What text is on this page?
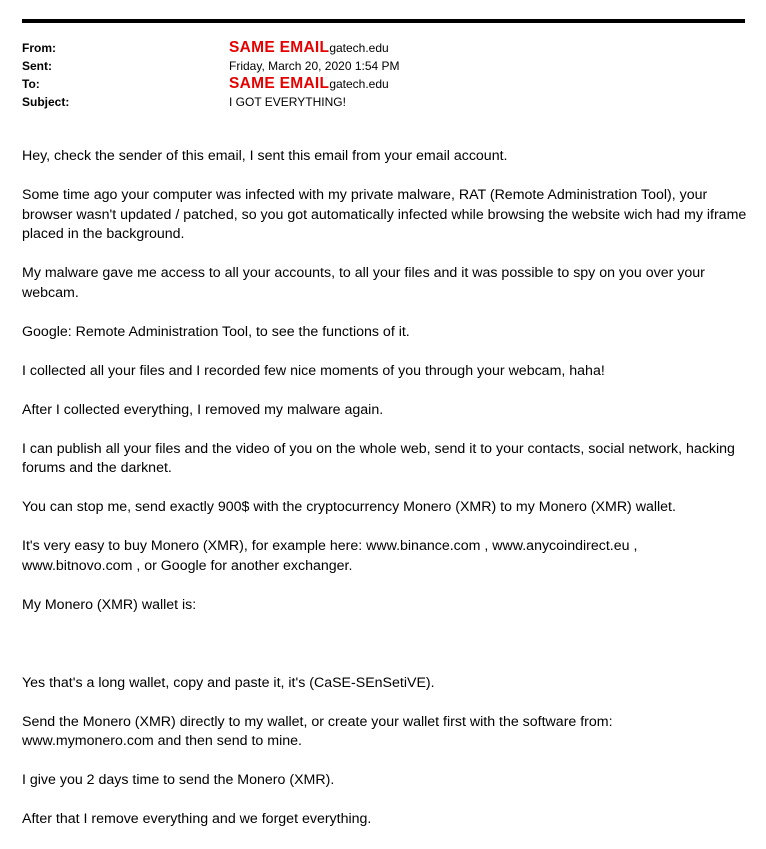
From:	SAME EMAILgatech.edu
Sent:	Friday, March 20, 2020 1:54 PM
To:	SAME EMAILgatech.edu
Subject:	I GOT EVERYTHING!

Hey, check the sender of this email, I sent this email from your email account.

Some time ago your computer was infected with my private malware, RAT (Remote Administration Tool), your browser wasn't updated / patched, so you got automatically infected while browsing the website wich had my iframe placed in the background.

My malware gave me access to all your accounts, to all your files and it was possible to spy on you over your webcam.

Google: Remote Administration Tool, to see the functions of it.

I collected all your files and I recorded few nice moments of you through your webcam, haha!

After I collected everything, I removed my malware again.

I can publish all your files and the video of you on the whole web, send it to your contacts, social network, hacking forums and the darknet.

You can stop me, send exactly 900$ with the cryptocurrency Monero (XMR) to my Monero (XMR) wallet.

It's very easy to buy Monero (XMR), for example here: www.binance.com , www.anycoindirect.eu , www.bitnovo.com , or Google for another exchanger.

My Monero (XMR) wallet is:

Yes that's a long wallet, copy and paste it, it's (CaSE-SEnSetiVE).

Send the Monero (XMR) directly to my wallet, or create your wallet first with the software from: www.mymonero.com and then send to mine.

I give you 2 days time to send the Monero (XMR).

After that I remove everything and we forget everything.
